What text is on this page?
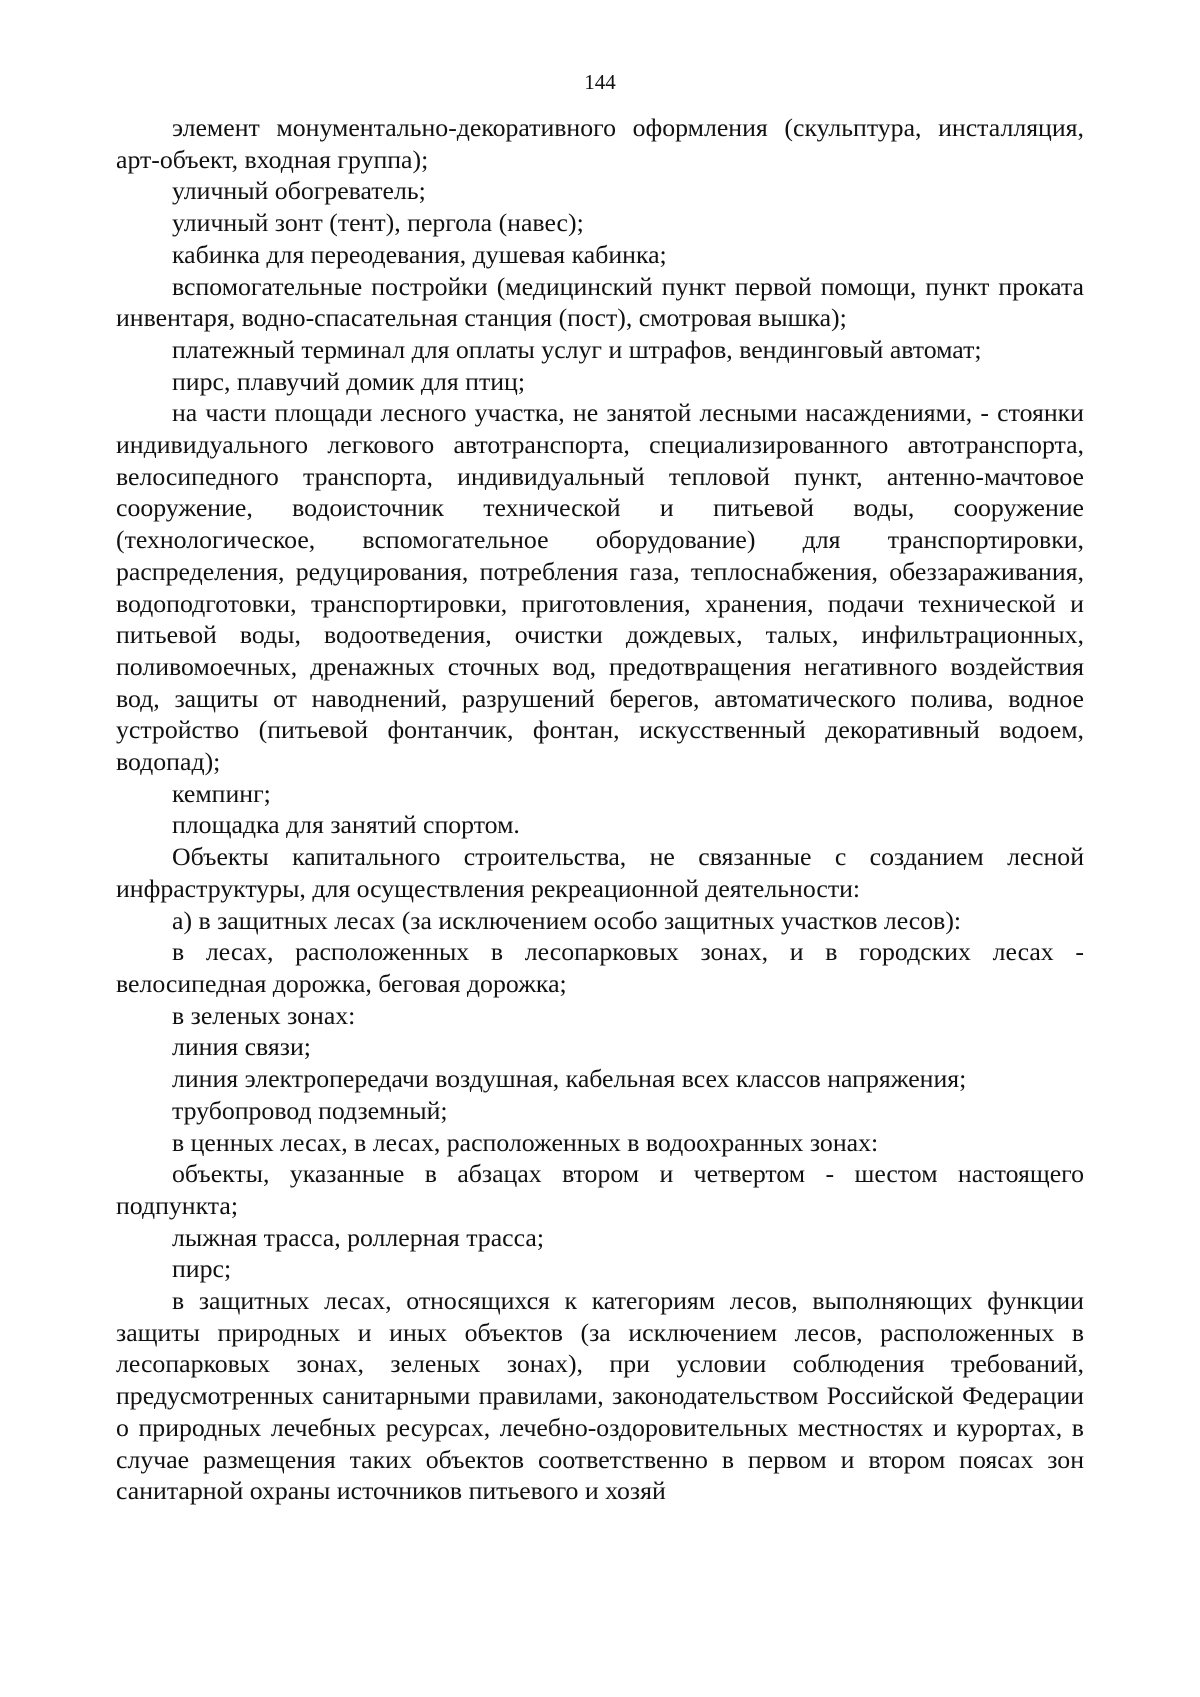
144

элемент монументально-декоративного оформления (скульптура, инсталляция, арт-объект, входная группа);

уличный обогреватель;

уличный зонт (тент), пергола (навес);

кабинка для переодевания, душевая кабинка;

вспомогательные постройки (медицинский пункт первой помощи, пункт проката инвентаря, водно-спасательная станция (пост), смотровая вышка);

платежный терминал для оплаты услуг и штрафов, вендинговый автомат;

пирс, плавучий домик для птиц;

на части площади лесного участка, не занятой лесными насаждениями, - стоянки индивидуального легкового автотранспорта, специализированного автотранспорта, велосипедного транспорта, индивидуальный тепловой пункт, антенно-мачтовое сооружение, водоисточник технической и питьевой воды, сооружение (технологическое, вспомогательное оборудование) для транспортировки, распределения, редуцирования, потребления газа, теплоснабжения, обеззараживания, водоподготовки, транспортировки, приготовления, хранения, подачи технической и питьевой воды, водоотведения, очистки дождевых, талых, инфильтрационных, поливомоечных, дренажных сточных вод, предотвращения негативного воздействия вод, защиты от наводнений, разрушений берегов, автоматического полива, водное устройство (питьевой фонтанчик, фонтан, искусственный декоративный водоем, водопад);

кемпинг;

площадка для занятий спортом.

Объекты капитального строительства, не связанные с созданием лесной инфраструктуры, для осуществления рекреационной деятельности:

а) в защитных лесах (за исключением особо защитных участков лесов):

в лесах, расположенных в лесопарковых зонах, и в городских лесах - велосипедная дорожка, беговая дорожка;

в зеленых зонах:

линия связи;

линия электропередачи воздушная, кабельная всех классов напряжения;

трубопровод подземный;

в ценных лесах, в лесах, расположенных в водоохранных зонах:

объекты, указанные в абзацах втором и четвертом - шестом настоящего подпункта;

лыжная трасса, роллерная трасса;

пирс;

в защитных лесах, относящихся к категориям лесов, выполняющих функции защиты природных и иных объектов (за исключением лесов, расположенных в лесопарковых зонах, зеленых зонах), при условии соблюдения требований, предусмотренных санитарными правилами, законодательством Российской Федерации о природных лечебных ресурсах, лечебно-оздоровительных местностях и курортах, в случае размещения таких объектов соответственно в первом и втором поясах зон санитарной охраны источников питьевого и хозяй
